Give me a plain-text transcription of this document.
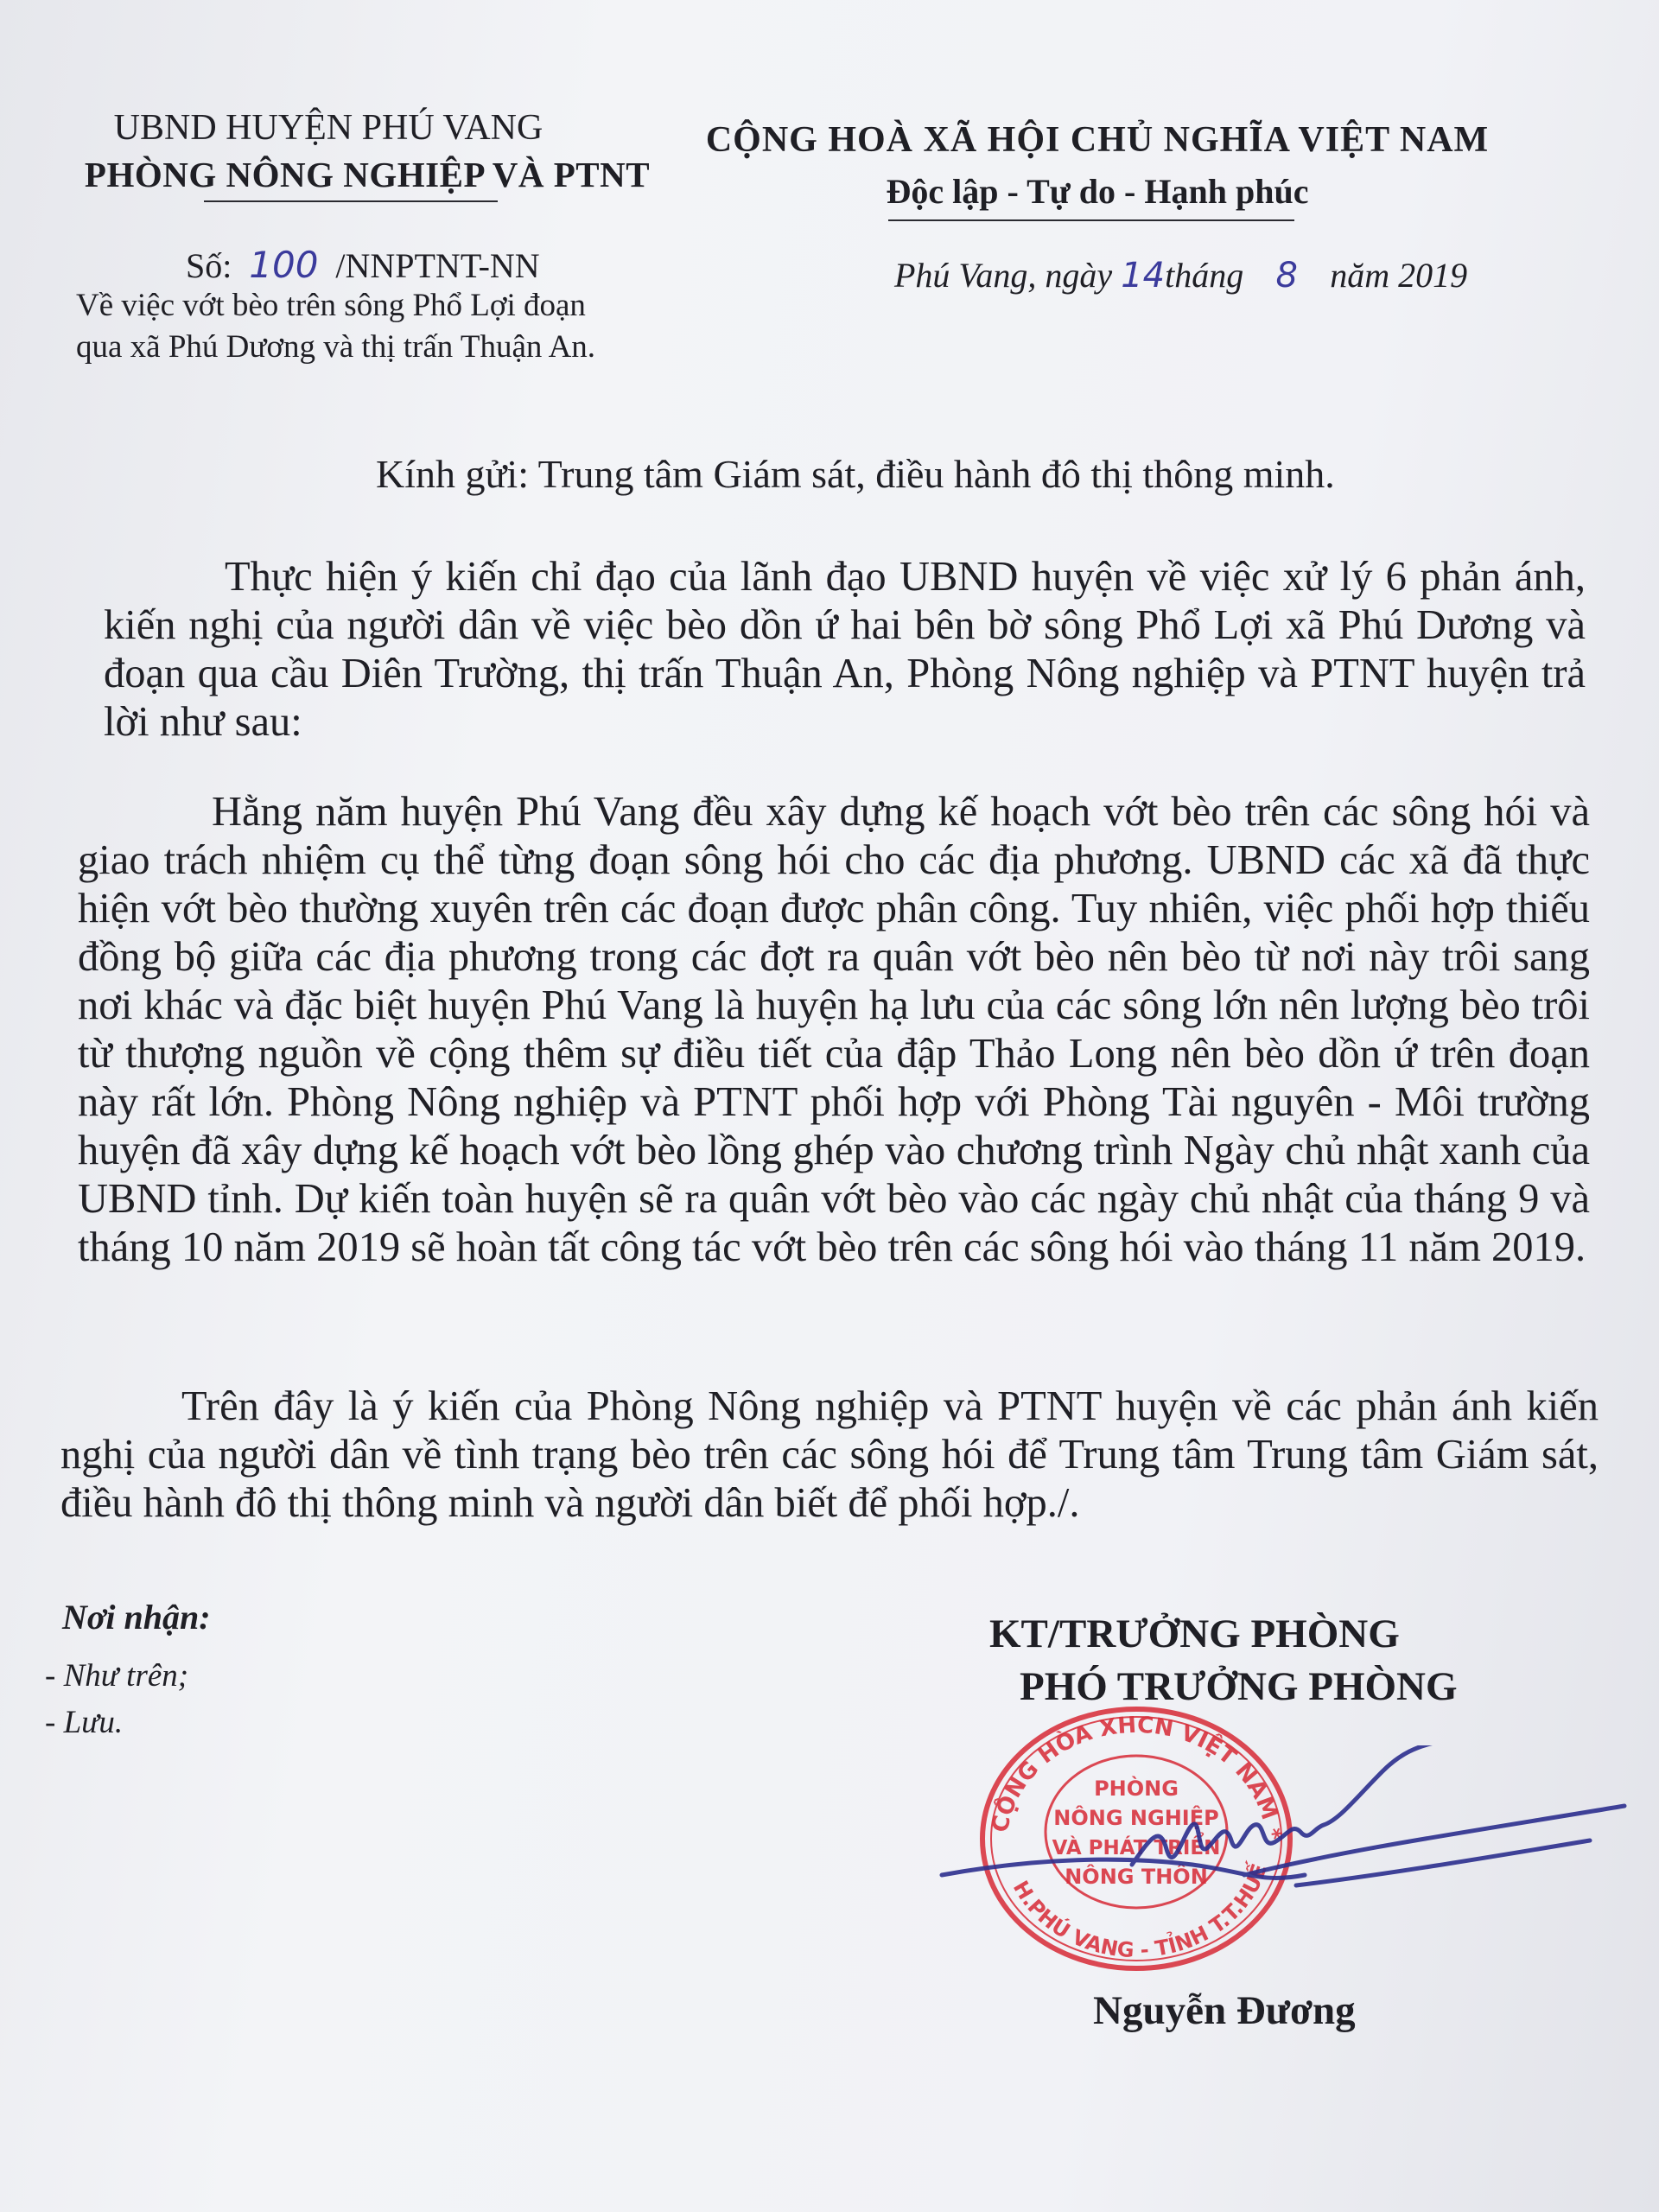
UBND HUYỆN PHÚ VANG
PHÒNG NÔNG NGHIỆP VÀ PTNT
CỘNG HOÀ XÃ HỘI CHỦ NGHĨA VIỆT NAM
Độc lập - Tự do - Hạnh phúc
Số: 100 /NNPTNT-NN	Phú Vang, ngày 14tháng 8 năm 2019
Về việc vớt bèo trên sông Phổ Lợi đoạn qua xã Phú Dương và thị trấn Thuận An.
Kính gửi: Trung tâm Giám sát, điều hành đô thị thông minh.
Thực hiện ý kiến chỉ đạo của lãnh đạo UBND huyện về việc xử lý 6 phản ánh, kiến nghị của người dân về việc bèo dồn ứ hai bên bờ sông Phổ Lợi xã Phú Dương và đoạn qua cầu Diên Trường, thị trấn Thuận An, Phòng Nông nghiệp và PTNT huyện trả lời như sau:
Hằng năm huyện Phú Vang đều xây dựng kế hoạch vớt bèo trên các sông hói và giao trách nhiệm cụ thể từng đoạn sông hói cho các địa phương. UBND các xã đã thực hiện vớt bèo thường xuyên trên các đoạn được phân công. Tuy nhiên, việc phối hợp thiếu đồng bộ giữa các địa phương trong các đợt ra quân vớt bèo nên bèo từ nơi này trôi sang nơi khác và đặc biệt huyện Phú Vang là huyện hạ lưu của các sông lớn nên lượng bèo trôi từ thượng nguồn về cộng thêm sự điều tiết của đập Thảo Long nên bèo dồn ứ trên đoạn này rất lớn. Phòng Nông nghiệp và PTNT phối hợp với Phòng Tài nguyên - Môi trường huyện đã xây dựng kế hoạch vớt bèo lồng ghép vào chương trình Ngày chủ nhật xanh của UBND tỉnh. Dự kiến toàn huyện sẽ ra quân vớt bèo vào các ngày chủ nhật của tháng 9 và tháng 10 năm 2019 sẽ hoàn tất công tác vớt bèo trên các sông hói vào tháng 11 năm 2019.
Trên đây là ý kiến của Phòng Nông nghiệp và PTNT huyện về các phản ánh kiến nghị của người dân về tình trạng bèo trên các sông hói để Trung tâm Trung tâm Giám sát, điều hành đô thị thông minh và người dân biết để phối hợp./.
Nơi nhận:
- Như trên;
- Lưu.
KT/TRƯỞNG PHÒNG
PHÓ TRƯỞNG PHÒNG
CỘNG HÒA XHCN VIỆT NAM *
H.PHÚ VANG - TỈNH T.T.HUẾ
PHÒNG
NÔNG NGHIỆP
VÀ PHÁT TRIỂN
NÔNG THÔN
Nguyễn Đương
